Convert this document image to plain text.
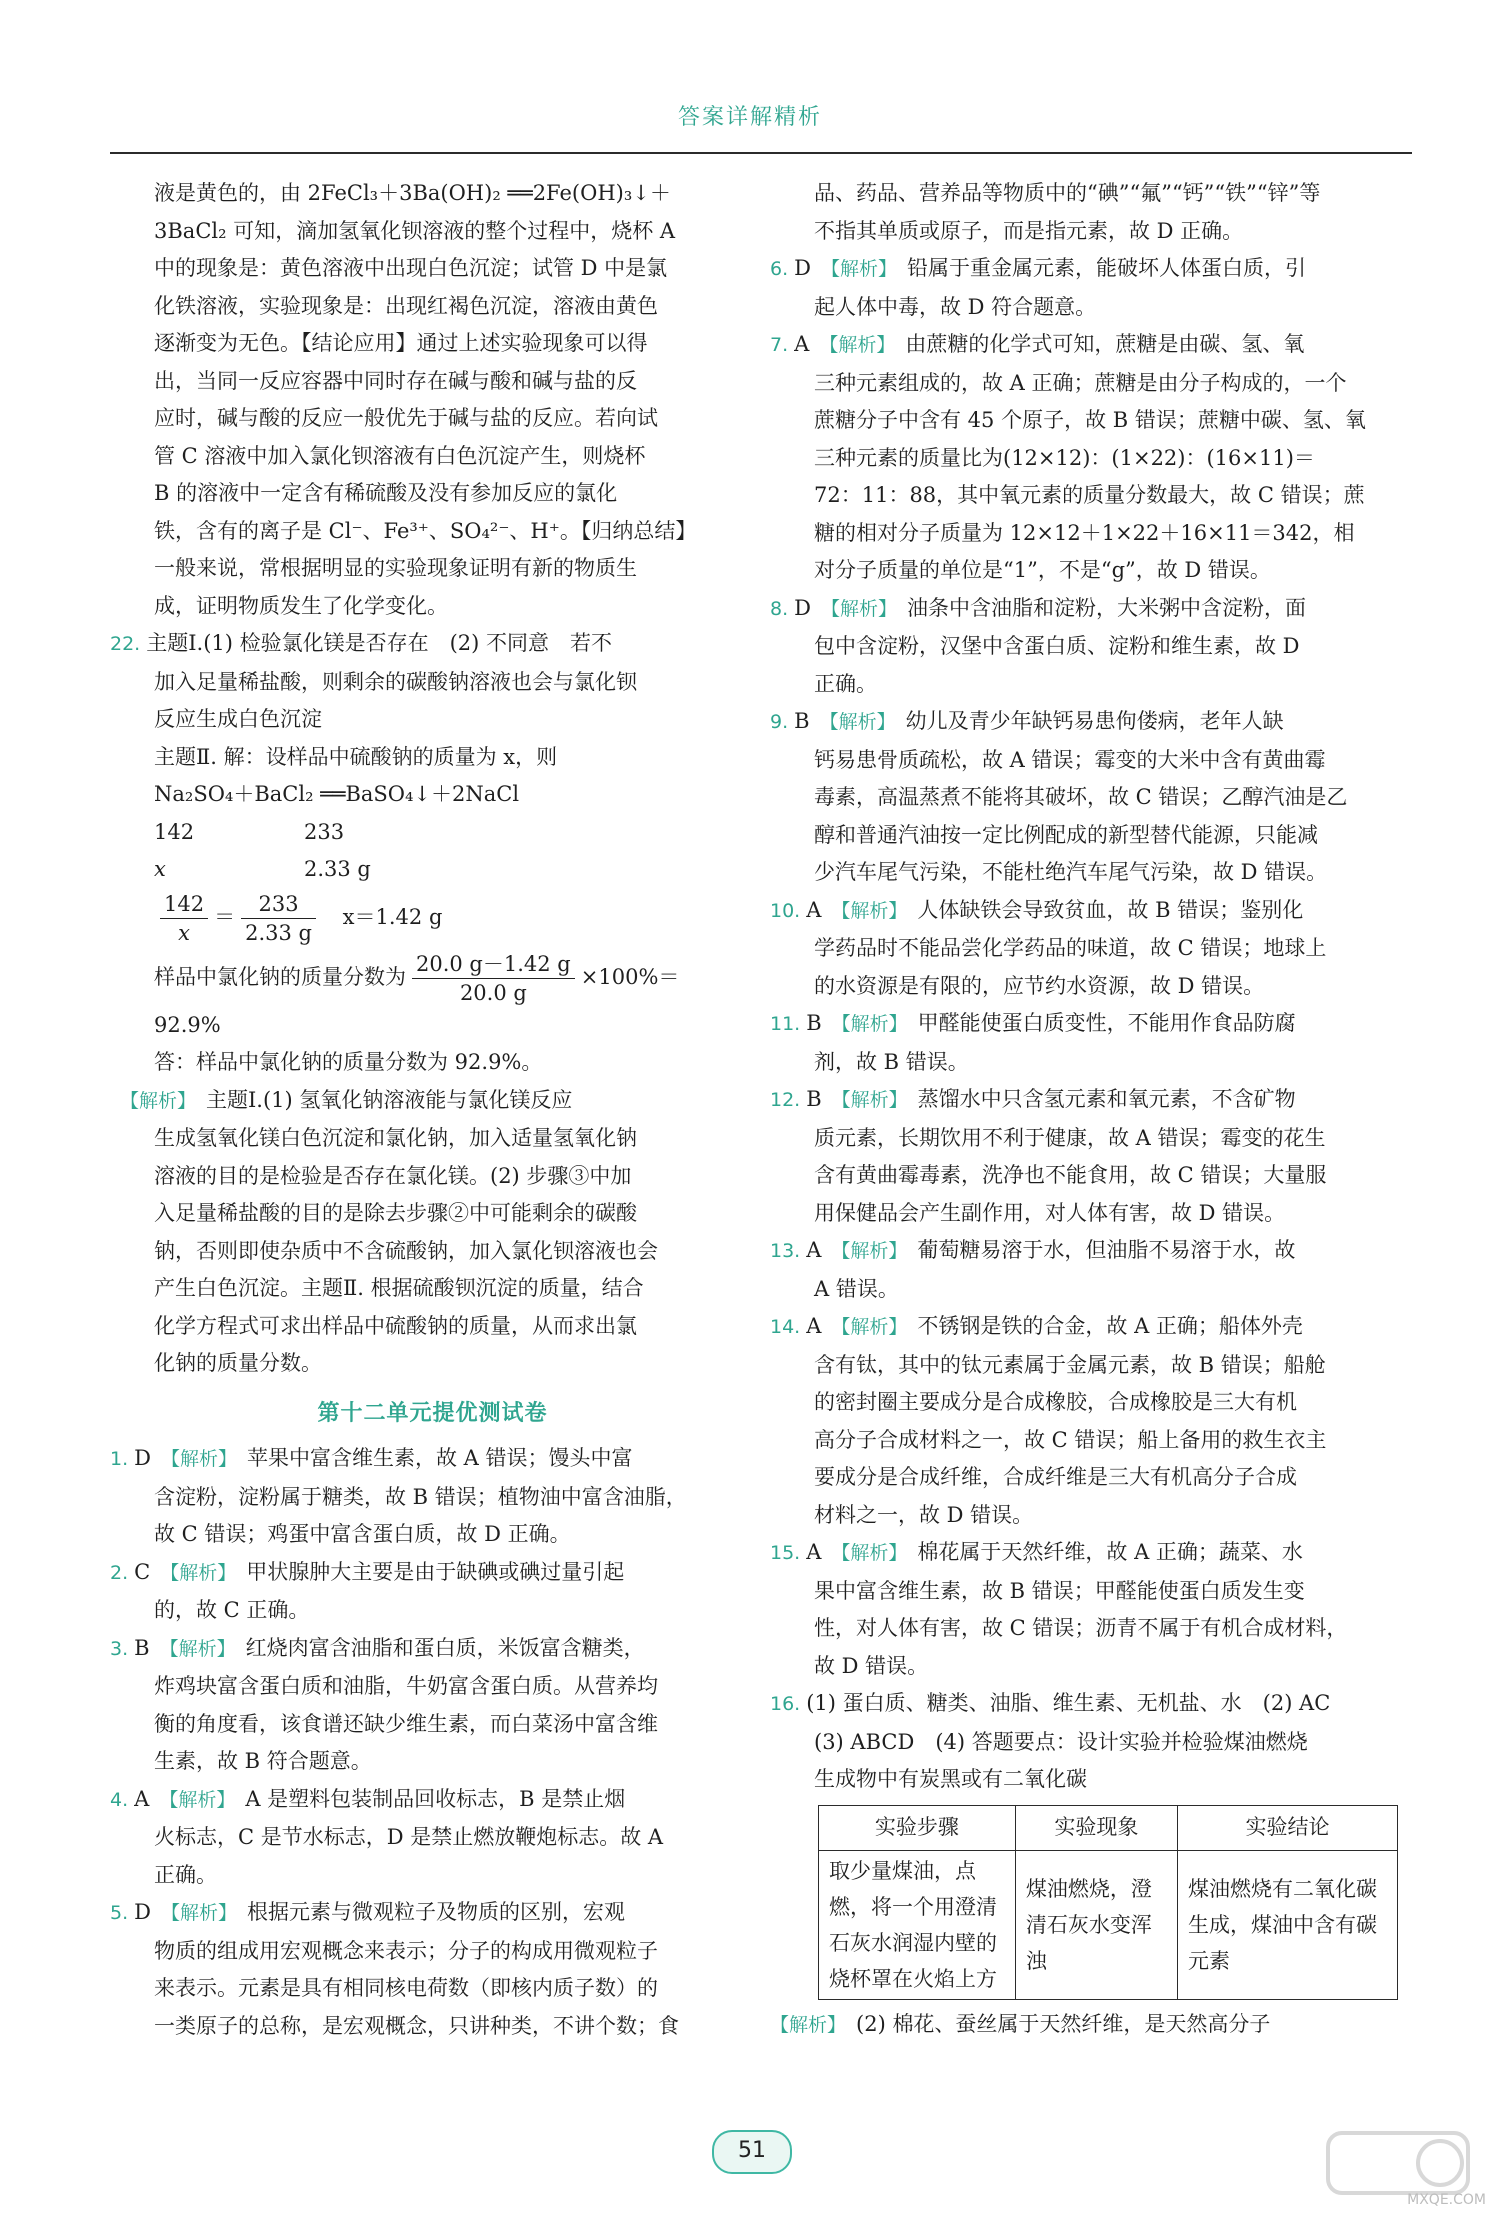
答案详解精析

液是黄色的，由 2FeCl₃＋3Ba(OH)₂ ══2Fe(OH)₃↓＋

3BaCl₂ 可知，滴加氢氧化钡溶液的整个过程中，烧杯 A

中的现象是：黄色溶液中出现白色沉淀；试管 D 中是氯

化铁溶液，实验现象是：出现红褐色沉淀，溶液由黄色

逐渐变为无色。【结论应用】通过上述实验现象可以得

出，当同一反应容器中同时存在碱与酸和碱与盐的反

应时，碱与酸的反应一般优先于碱与盐的反应。若向试

管 C 溶液中加入氯化钡溶液有白色沉淀产生，则烧杯

B 的溶液中一定含有稀硫酸及没有参加反应的氯化

铁，含有的离子是 Cl⁻、Fe³⁺、SO₄²⁻、H⁺。【归纳总结】

一般来说，常根据明显的实验现象证明有新的物质生

成，证明物质发生了化学变化。

22. 主题Ⅰ.(1) 检验氯化镁是否存在　(2) 不同意　若不

加入足量稀盐酸，则剩余的碳酸钠溶液也会与氯化钡

反应生成白色沉淀

主题Ⅱ. 解：设样品中硫酸钠的质量为 x，则

Na₂SO₄＋BaCl₂ ══BaSO₄↓＋2NaCl

142	233

x	2.33 g

$\frac{142}{x} = \frac{233}{2.33 g} x=1.42$ g

样品中氯化钠的质量分数为 $\frac{20.0 g-1.42 g}{20.0 g} \times 100\%=$

92.9%

答：样品中氯化钠的质量分数为 92.9%。

【解析】 主题Ⅰ.(1) 氢氧化钠溶液能与氯化镁反应

生成氢氧化镁白色沉淀和氯化钠，加入适量氢氧化钠

溶液的目的是检验是否存在氯化镁。(2) 步骤③中加

入足量稀盐酸的目的是除去步骤②中可能剩余的碳酸

钠，否则即使杂质中不含硫酸钠，加入氯化钡溶液也会

产生白色沉淀。主题Ⅱ. 根据硫酸钡沉淀的质量，结合

化学方程式可求出样品中硫酸钠的质量，从而求出氯

化钠的质量分数。

第十二单元提优测试卷

1. D 【解析】 苹果中富含维生素，故 A 错误；馒头中富

含淀粉，淀粉属于糖类，故 B 错误；植物油中富含油脂，

故 C 错误；鸡蛋中富含蛋白质，故 D 正确。

2. C 【解析】 甲状腺肿大主要是由于缺碘或碘过量引起

的，故 C 正确。

3. B 【解析】 红烧肉富含油脂和蛋白质，米饭富含糖类，

炸鸡块富含蛋白质和油脂，牛奶富含蛋白质。从营养均

衡的角度看，该食谱还缺少维生素，而白菜汤中富含维

生素，故 B 符合题意。

4. A 【解析】 A 是塑料包装制品回收标志，B 是禁止烟

火标志，C 是节水标志，D 是禁止燃放鞭炮标志。故 A

正确。

5. D 【解析】 根据元素与微观粒子及物质的区别，宏观

物质的组成用宏观概念来表示；分子的构成用微观粒子

来表示。元素是具有相同核电荷数（即核内质子数）的

一类原子的总称，是宏观概念，只讲种类，不讲个数；食

品、药品、营养品等物质中的“碘”“氟”“钙”“铁”“锌”等

不指其单质或原子，而是指元素，故 D 正确。

6. D 【解析】 铅属于重金属元素，能破坏人体蛋白质，引

起人体中毒，故 D 符合题意。

7. A 【解析】 由蔗糖的化学式可知，蔗糖是由碳、氢、氧

三种元素组成的，故 A 正确；蔗糖是由分子构成的，一个

蔗糖分子中含有 45 个原子，故 B 错误；蔗糖中碳、氢、氧

三种元素的质量比为(12×12)：(1×22)：(16×11)＝

72：11：88，其中氧元素的质量分数最大，故 C 错误；蔗

糖的相对分子质量为 12×12＋1×22＋16×11＝342，相

对分子质量的单位是“1”，不是“g”，故 D 错误。

8. D 【解析】 油条中含油脂和淀粉，大米粥中含淀粉，面

包中含淀粉，汉堡中含蛋白质、淀粉和维生素，故 D

正确。

9. B 【解析】 幼儿及青少年缺钙易患佝偻病，老年人缺

钙易患骨质疏松，故 A 错误；霉变的大米中含有黄曲霉

毒素，高温蒸煮不能将其破坏，故 C 错误；乙醇汽油是乙

醇和普通汽油按一定比例配成的新型替代能源，只能减

少汽车尾气污染，不能杜绝汽车尾气污染，故 D 错误。

10. A 【解析】 人体缺铁会导致贫血，故 B 错误；鉴别化

学药品时不能品尝化学药品的味道，故 C 错误；地球上

的水资源是有限的，应节约水资源，故 D 错误。

11. B 【解析】 甲醛能使蛋白质变性，不能用作食品防腐

剂，故 B 错误。

12. B 【解析】 蒸馏水中只含氢元素和氧元素，不含矿物

质元素，长期饮用不利于健康，故 A 错误；霉变的花生

含有黄曲霉毒素，洗净也不能食用，故 C 错误；大量服

用保健品会产生副作用，对人体有害，故 D 错误。

13. A 【解析】 葡萄糖易溶于水，但油脂不易溶于水，故

A 错误。

14. A 【解析】 不锈钢是铁的合金，故 A 正确；船体外壳

含有钛，其中的钛元素属于金属元素，故 B 错误；船舱

的密封圈主要成分是合成橡胶，合成橡胶是三大有机

高分子合成材料之一，故 C 错误；船上备用的救生衣主

要成分是合成纤维，合成纤维是三大有机高分子合成

材料之一，故 D 错误。

15. A 【解析】 棉花属于天然纤维，故 A 正确；蔬菜、水

果中富含维生素，故 B 错误；甲醛能使蛋白质发生变

性，对人体有害，故 C 错误；沥青不属于有机合成材料，

故 D 错误。

16. (1) 蛋白质、糖类、油脂、维生素、无机盐、水　(2) AC

(3) ABCD　(4) 答题要点：设计实验并检验煤油燃烧

生成物中有炭黑或有二氧化碳

实验步骤	实验现象	实验结论
取少量煤油，点燃，将一个用澄清石灰水润湿内壁的烧杯罩在火焰上方	煤油燃烧，澄清石灰水变浑浊	煤油燃烧有二氧化碳生成，煤油中含有碳元素

【解析】 (2) 棉花、蚕丝属于天然纤维，是天然高分子

51
MXQE.COM
